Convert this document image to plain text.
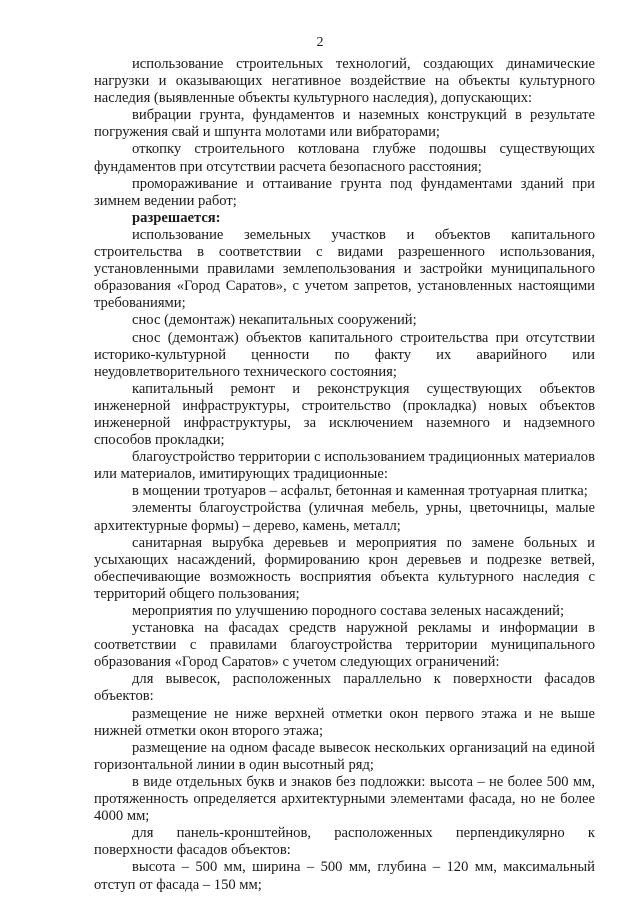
2

использование строительных технологий, создающих динамические нагрузки и оказывающих негативное воздействие на объекты культурного наследия (выявленные объекты культурного наследия), допускающих:

вибрации грунта, фундаментов и наземных конструкций в результате погружения свай и шпунта молотами или вибраторами;

откопку строительного котлована глубже подошвы существующих фундаментов при отсутствии расчета безопасного расстояния;

промораживание и оттаивание грунта под фундаментами зданий при зимнем ведении работ;

разрешается:

использование земельных участков и объектов капитального строительства в соответствии с видами разрешенного использования, установленными правилами землепользования и застройки муниципального образования «Город Саратов», с учетом запретов, установленных настоящими требованиями;

снос (демонтаж) некапитальных сооружений;

снос (демонтаж) объектов капитального строительства при отсутствии историко-культурной ценности по факту их аварийного или неудовлетворительного технического состояния;

капитальный ремонт и реконструкция существующих объектов инженерной инфраструктуры, строительство (прокладка) новых объектов инженерной инфраструктуры, за исключением наземного и надземного способов прокладки;

благоустройство территории с использованием традиционных материалов или материалов, имитирующих традиционные:

в мощении тротуаров – асфальт, бетонная и каменная тротуарная плитка;

элементы благоустройства (уличная мебель, урны, цветочницы, малые архитектурные формы) – дерево, камень, металл;

санитарная вырубка деревьев и мероприятия по замене больных и усыхающих насаждений, формированию крон деревьев и подрезке ветвей, обеспечивающие возможность восприятия объекта культурного наследия с территорий общего пользования;

мероприятия по улучшению породного состава зеленых насаждений;

установка на фасадах средств наружной рекламы и информации в соответствии с правилами благоустройства территории муниципального образования «Город Саратов» с учетом следующих ограничений:

для вывесок, расположенных параллельно к поверхности фасадов объектов:

размещение не ниже верхней отметки окон первого этажа и не выше нижней отметки окон второго этажа;

размещение на одном фасаде вывесок нескольких организаций на единой горизонтальной линии в один высотный ряд;

в виде отдельных букв и знаков без подложки: высота – не более 500 мм, протяженность определяется архитектурными элементами фасада, но не более 4000 мм;

для панель-кронштейнов, расположенных перпендикулярно к поверхности фасадов объектов:

высота – 500 мм, ширина – 500 мм, глубина – 120 мм, максимальный отступ от фасада – 150 мм;
